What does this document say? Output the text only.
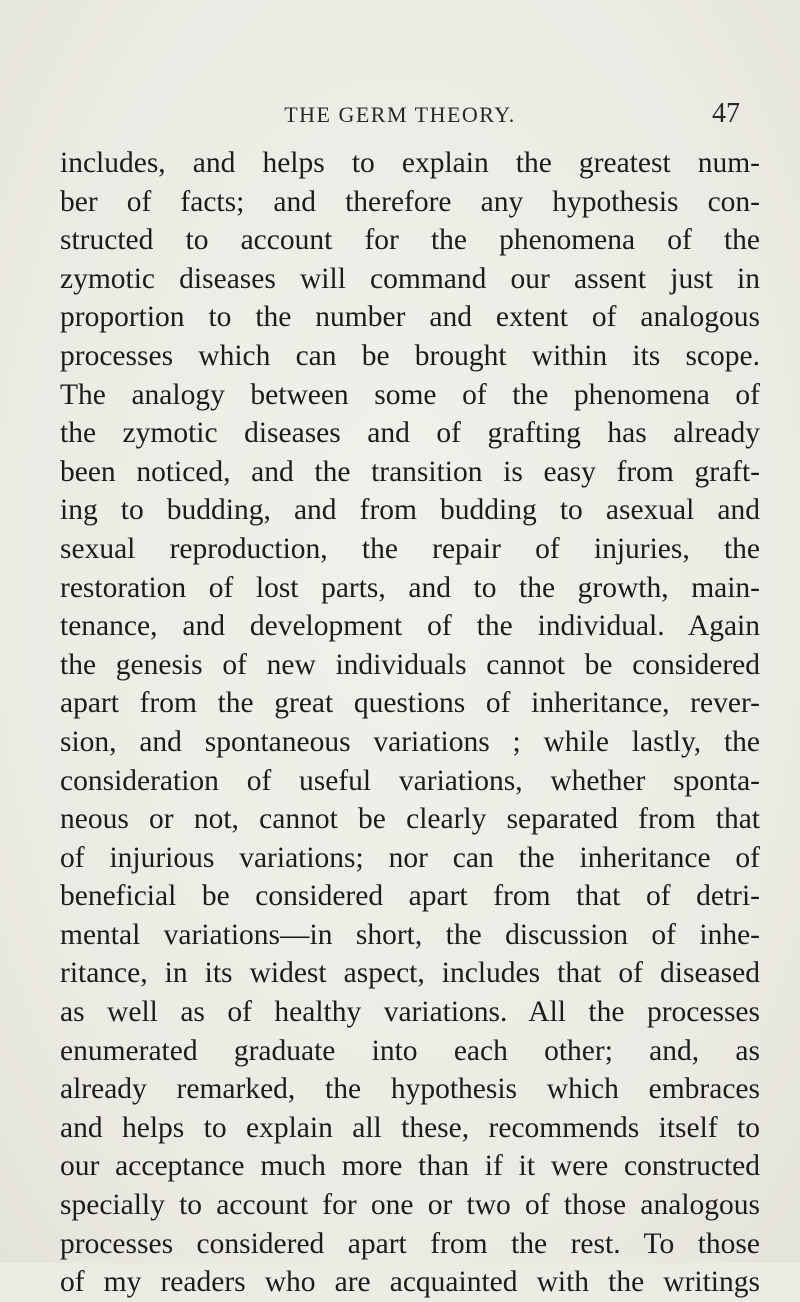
THE GERM THEORY.	47
includes, and helps to explain the greatest num-
ber of facts; and therefore any hypothesis con-
structed to account for the phenomena of the
zymotic diseases will command our assent just in
proportion to the number and extent of analogous
processes which can be brought within its scope.
The analogy between some of the phenomena of
the zymotic diseases and of grafting has already
been noticed, and the transition is easy from graft-
ing to budding, and from budding to asexual and
sexual reproduction, the repair of injuries, the
restoration of lost parts, and to the growth, main-
tenance, and development of the individual. Again
the genesis of new individuals cannot be considered
apart from the great questions of inheritance, rever-
sion, and spontaneous variations ; while lastly, the
consideration of useful variations, whether sponta-
neous or not, cannot be clearly separated from that
of injurious variations; nor can the inheritance of
beneficial be considered apart from that of detri-
mental variations—in short, the discussion of inhe-
ritance, in its widest aspect, includes that of diseased
as well as of healthy variations. All the processes
enumerated graduate into each other; and, as
already remarked, the hypothesis which embraces
and helps to explain all these, recommends itself to
our acceptance much more than if it were constructed
specially to account for one or two of those analogous
processes considered apart from the rest. To those
of my readers who are acquainted with the writings
